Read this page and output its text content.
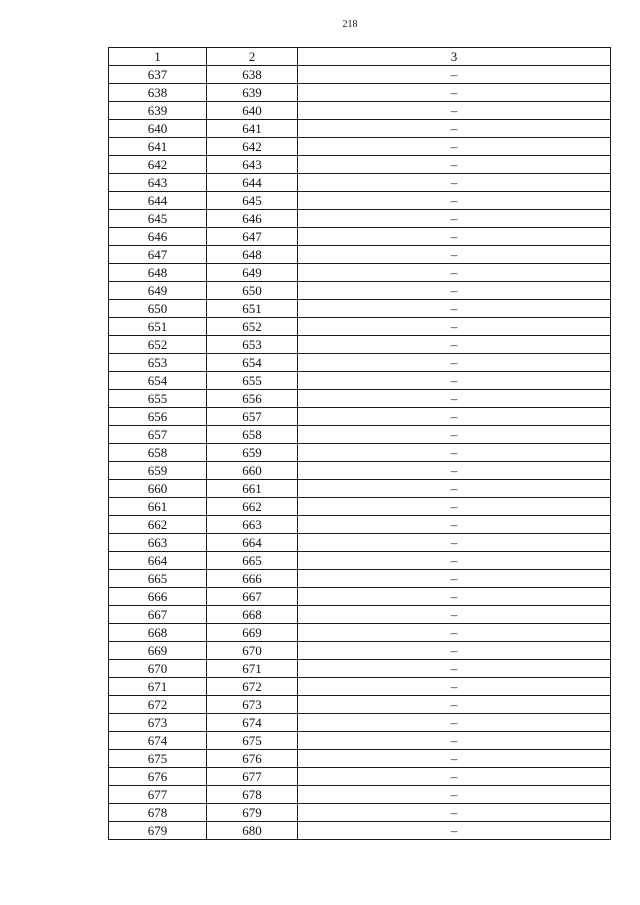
218
1	2	3
637	638	–
638	639	–
639	640	–
640	641	–
641	642	–
642	643	–
643	644	–
644	645	–
645	646	–
646	647	–
647	648	–
648	649	–
649	650	–
650	651	–
651	652	–
652	653	–
653	654	–
654	655	–
655	656	–
656	657	–
657	658	–
658	659	–
659	660	–
660	661	–
661	662	–
662	663	–
663	664	–
664	665	–
665	666	–
666	667	–
667	668	–
668	669	–
669	670	–
670	671	–
671	672	–
672	673	–
673	674	–
674	675	–
675	676	–
676	677	–
677	678	–
678	679	–
679	680	–
